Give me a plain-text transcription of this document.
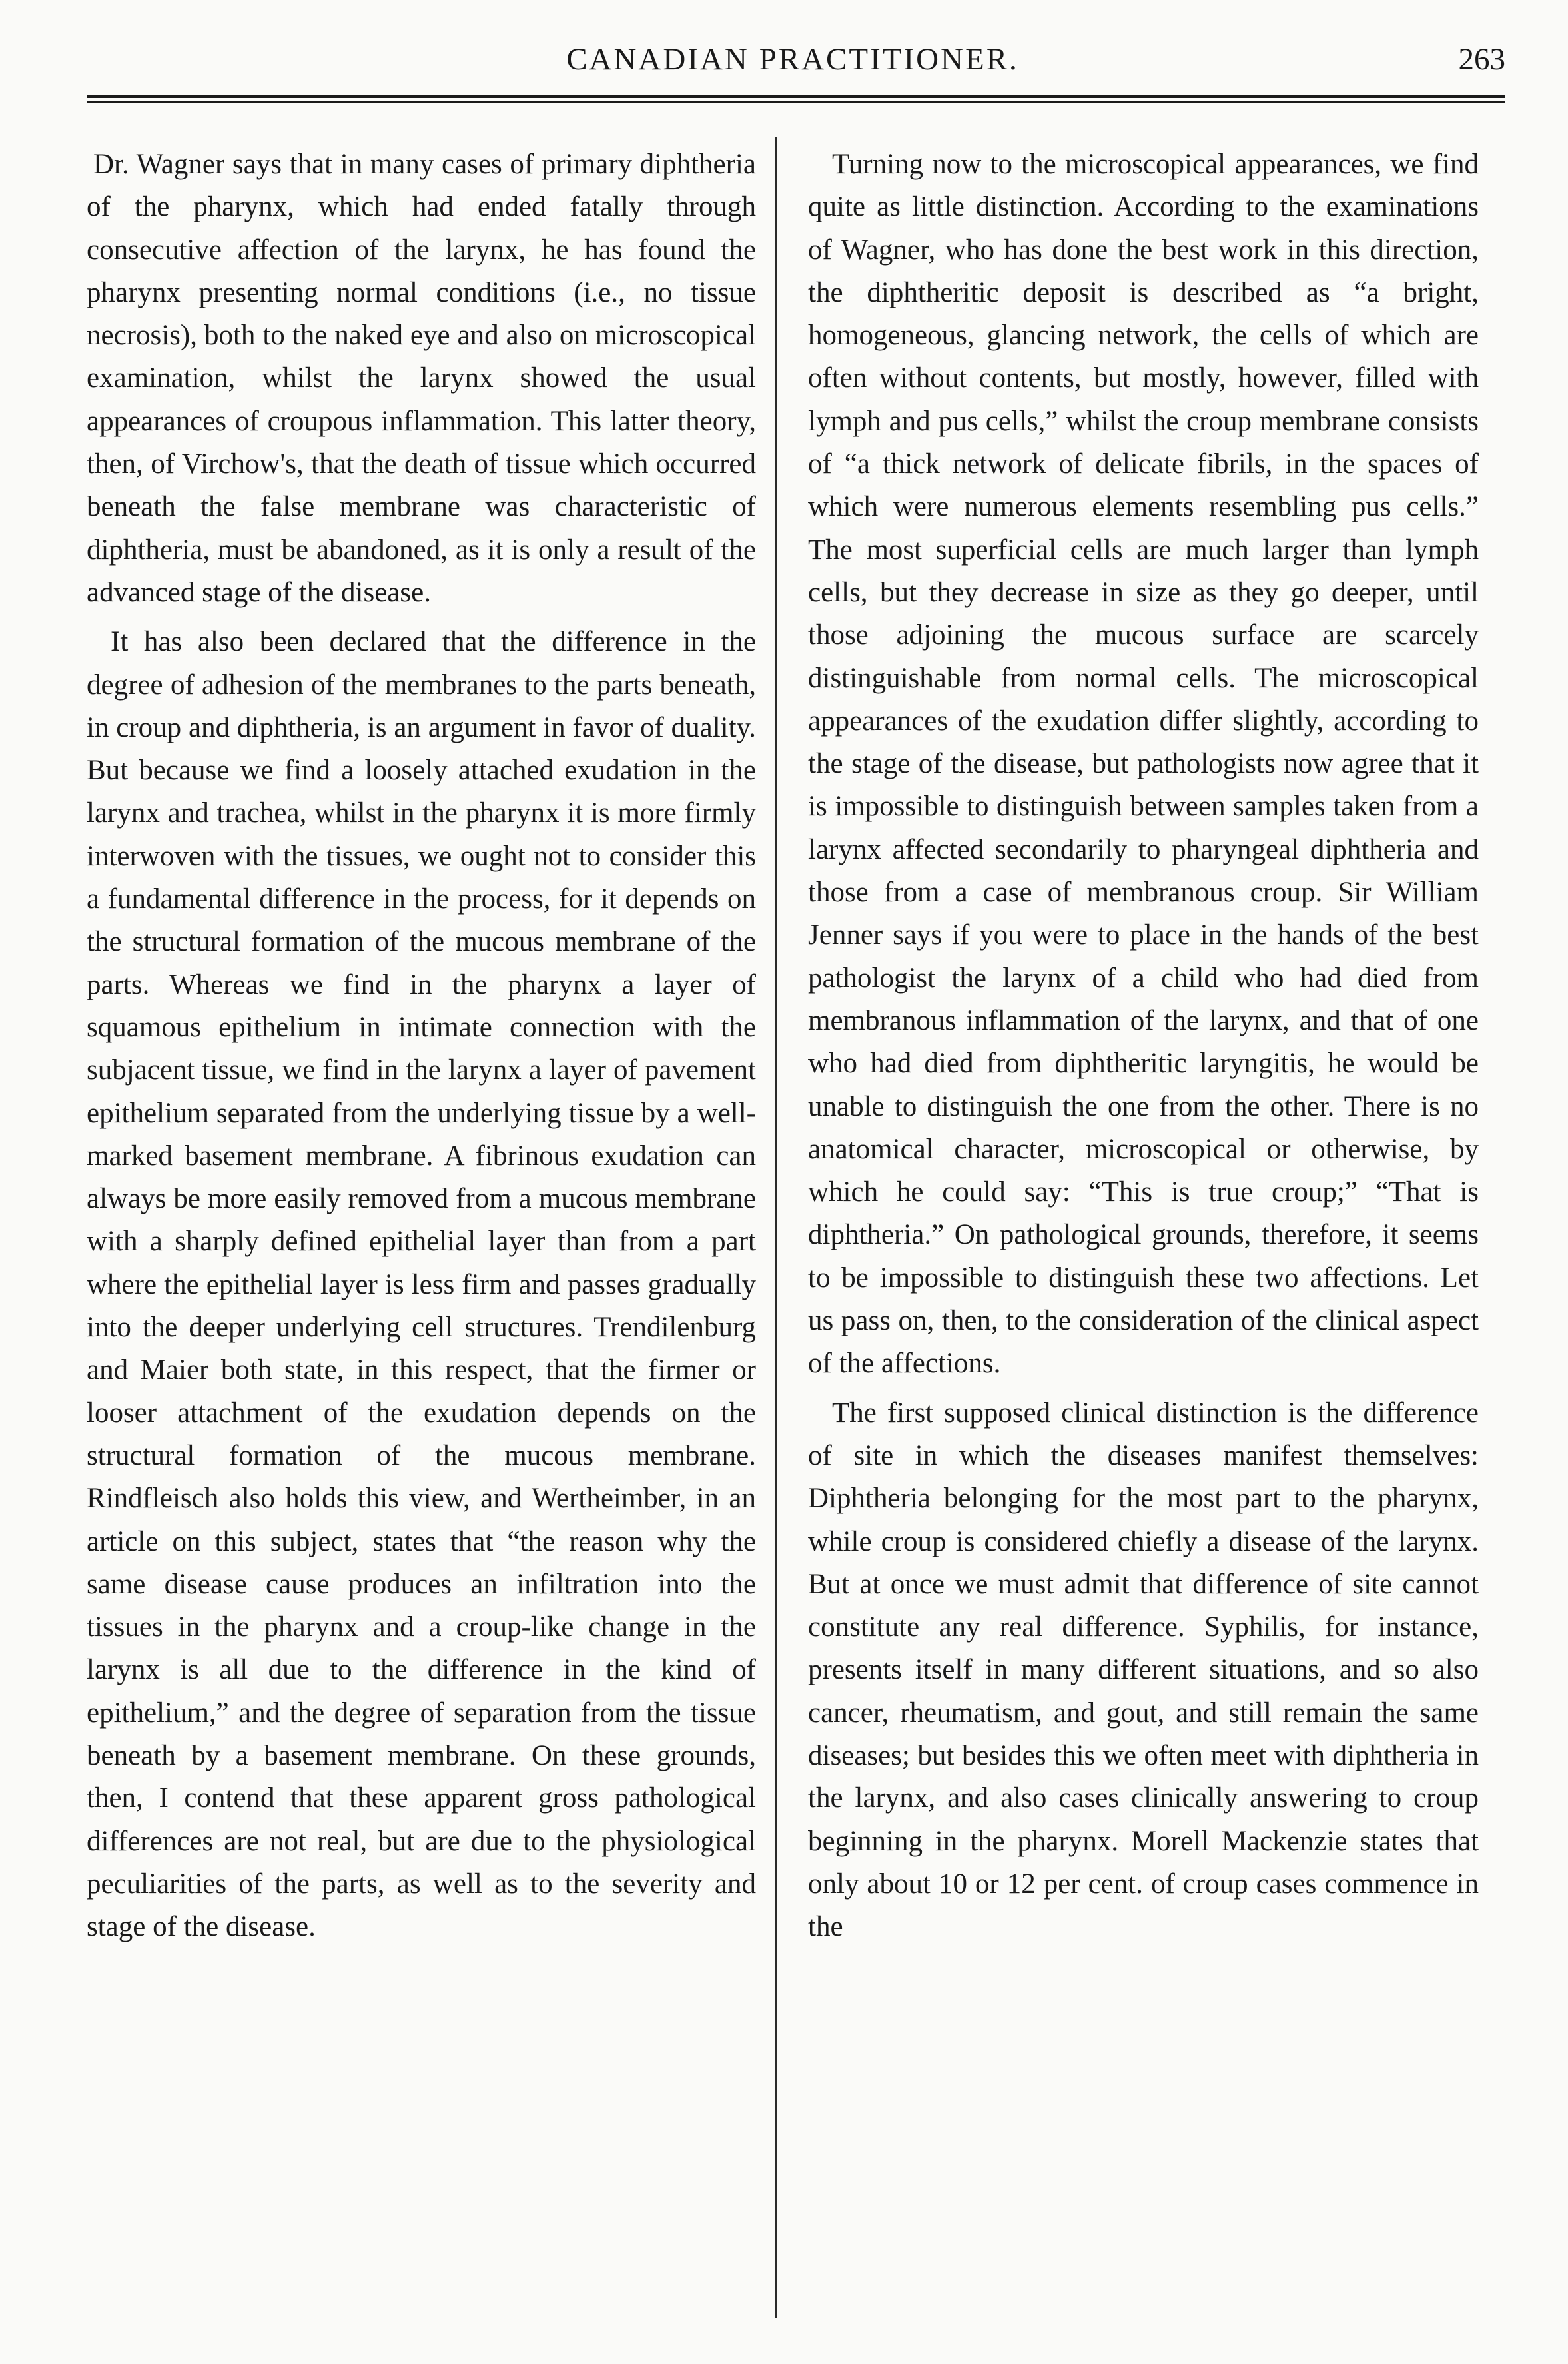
CANADIAN PRACTITIONER.	263

Dr. Wagner says that in many cases of primary diphtheria of the pharynx, which had ended fatally through consecutive affection of the larynx, he has found the pharynx presenting normal conditions (i.e., no tissue necrosis), both to the naked eye and also on microscopical examination, whilst the larynx showed the usual appearances of croupous inflammation. This latter theory, then, of Virchow's, that the death of tissue which occurred beneath the false membrane was characteristic of diphtheria, must be abandoned, as it is only a result of the advanced stage of the disease.

It has also been declared that the difference in the degree of adhesion of the membranes to the parts beneath, in croup and diphtheria, is an argument in favor of duality. But because we find a loosely attached exudation in the larynx and trachea, whilst in the pharynx it is more firmly interwoven with the tissues, we ought not to consider this a fundamental difference in the process, for it depends on the structural formation of the mucous membrane of the parts. Whereas we find in the pharynx a layer of squamous epithelium in intimate connection with the subjacent tissue, we find in the larynx a layer of pavement epithelium separated from the underlying tissue by a well-marked basement membrane. A fibrinous exudation can always be more easily removed from a mucous membrane with a sharply defined epithelial layer than from a part where the epithelial layer is less firm and passes gradually into the deeper underlying cell structures. Trendilenburg and Maier both state, in this respect, that the firmer or looser attachment of the exudation depends on the structural formation of the mucous membrane. Rindfleisch also holds this view, and Wertheimber, in an article on this subject, states that “the reason why the same disease cause produces an infiltration into the tissues in the pharynx and a croup-like change in the larynx is all due to the difference in the kind of epithelium,” and the degree of separation from the tissue beneath by a basement membrane. On these grounds, then, I contend that these apparent gross pathological differences are not real, but are due to the physiological peculiarities of the parts, as well as to the severity and stage of the disease.

Turning now to the microscopical appearances, we find quite as little distinction. According to the examinations of Wagner, who has done the best work in this direction, the diphtheritic deposit is described as “a bright, homogeneous, glancing network, the cells of which are often without contents, but mostly, however, filled with lymph and pus cells,” whilst the croup membrane consists of “a thick network of delicate fibrils, in the spaces of which were numerous elements resembling pus cells.” The most superficial cells are much larger than lymph cells, but they decrease in size as they go deeper, until those adjoining the mucous surface are scarcely distinguishable from normal cells. The microscopical appearances of the exudation differ slightly, according to the stage of the disease, but pathologists now agree that it is impossible to distinguish between samples taken from a larynx affected secondarily to pharyngeal diphtheria and those from a case of membranous croup. Sir William Jenner says if you were to place in the hands of the best pathologist the larynx of a child who had died from membranous inflammation of the larynx, and that of one who had died from diphtheritic laryngitis, he would be unable to distinguish the one from the other. There is no anatomical character, microscopical or otherwise, by which he could say: “This is true croup;” “That is diphtheria.” On pathological grounds, therefore, it seems to be impossible to distinguish these two affections. Let us pass on, then, to the consideration of the clinical aspect of the affections.

The first supposed clinical distinction is the difference of site in which the diseases manifest themselves: Diphtheria belonging for the most part to the pharynx, while croup is considered chiefly a disease of the larynx. But at once we must admit that difference of site cannot constitute any real difference. Syphilis, for instance, presents itself in many different situations, and so also cancer, rheumatism, and gout, and still remain the same diseases; but besides this we often meet with diphtheria in the larynx, and also cases clinically answering to croup beginning in the pharynx. Morell Mackenzie states that only about 10 or 12 per cent. of croup cases commence in the
